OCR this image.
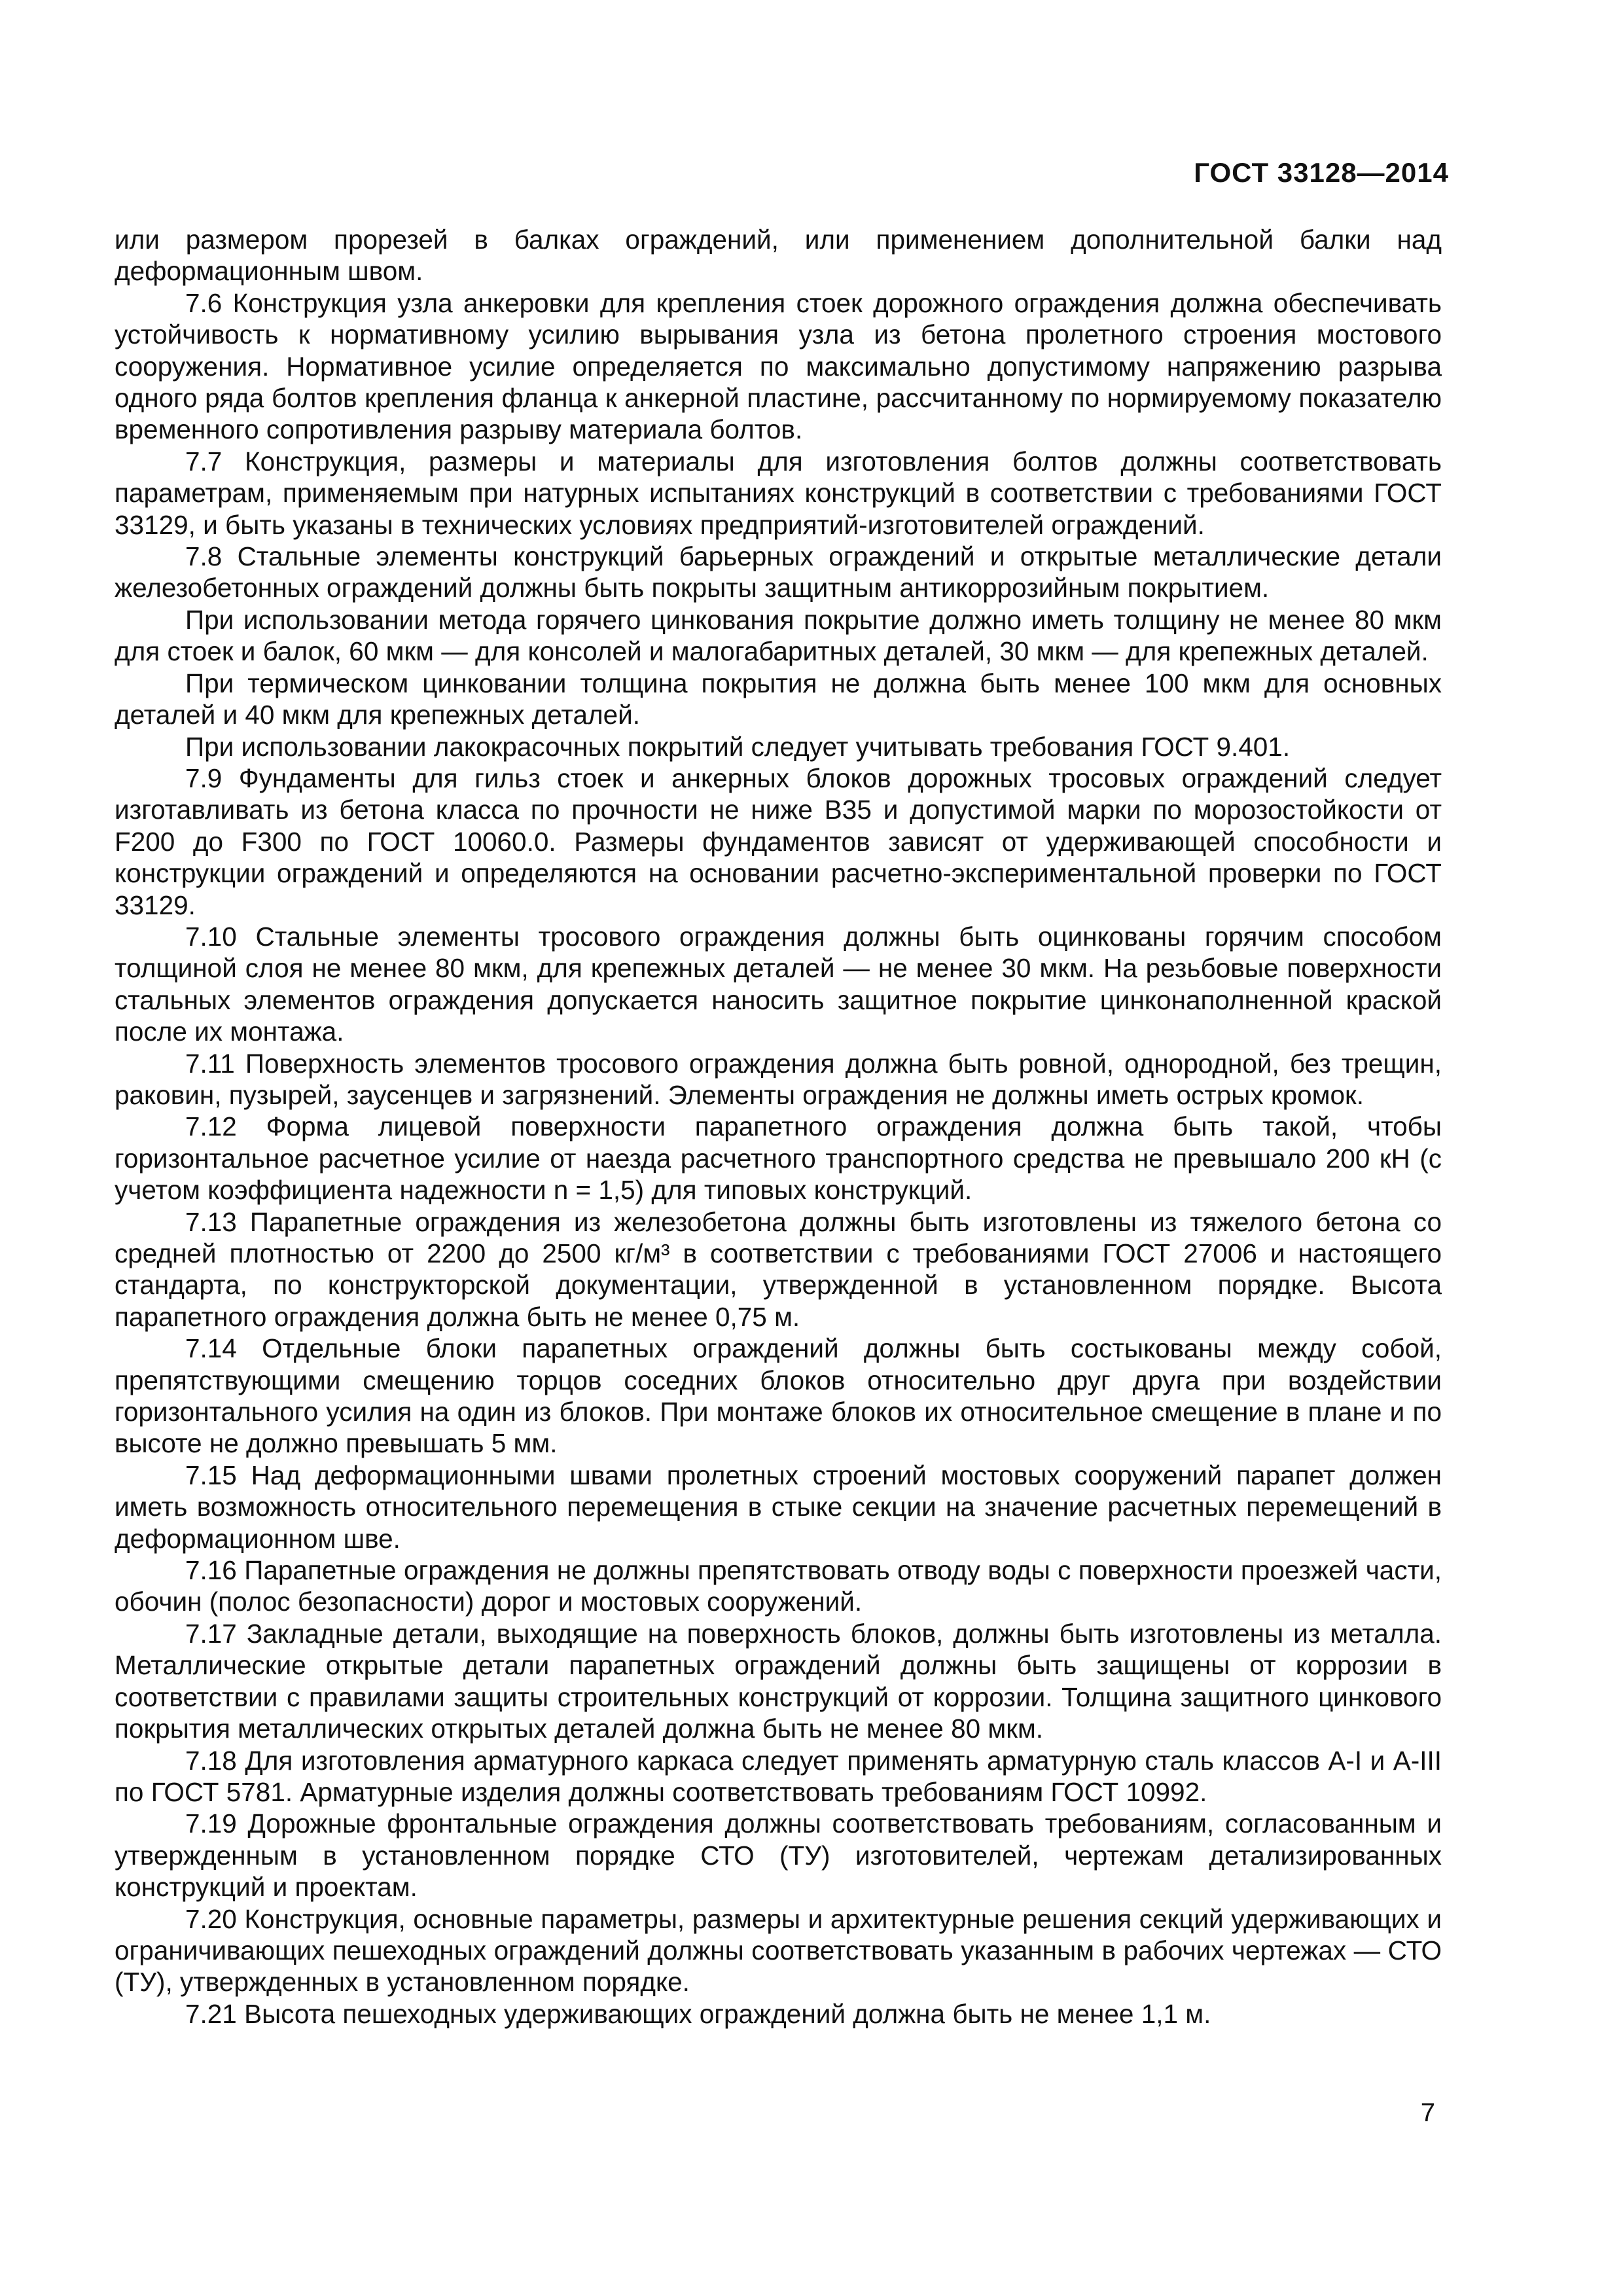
ГОСТ 33128—2014

или размером прорезей в балках ограждений, или применением дополнительной балки над деформационным швом.

7.6 Конструкция узла анкеровки для крепления стоек дорожного ограждения должна обеспечивать устойчивость к нормативному усилию вырывания узла из бетона пролетного строения мостового сооружения. Нормативное усилие определяется по максимально допустимому напряжению разрыва одного ряда болтов крепления фланца к анкерной пластине, рассчитанному по нормируемому показателю временного сопротивления разрыву материала болтов.

7.7 Конструкция, размеры и материалы для изготовления болтов должны соответствовать параметрам, применяемым при натурных испытаниях конструкций в соответствии с требованиями ГОСТ 33129, и быть указаны в технических условиях предприятий-изготовителей ограждений.

7.8 Стальные элементы конструкций барьерных ограждений и открытые металлические детали железобетонных ограждений должны быть покрыты защитным антикоррозийным покрытием.

При использовании метода горячего цинкования покрытие должно иметь толщину не менее 80 мкм для стоек и балок, 60 мкм — для консолей и малогабаритных деталей, 30 мкм — для крепежных деталей.

При термическом цинковании толщина покрытия не должна быть менее 100 мкм для основных деталей и 40 мкм для крепежных деталей.

При использовании лакокрасочных покрытий следует учитывать требования ГОСТ 9.401.

7.9 Фундаменты для гильз стоек и анкерных блоков дорожных тросовых ограждений следует изготавливать из бетона класса по прочности не ниже В35 и допустимой марки по морозостойкости от F200 до F300 по ГОСТ 10060.0. Размеры фундаментов зависят от удерживающей способности и конструкции ограждений и определяются на основании расчетно-экспериментальной проверки по ГОСТ 33129.

7.10 Стальные элементы тросового ограждения должны быть оцинкованы горячим способом толщиной слоя не менее 80 мкм, для крепежных деталей — не менее 30 мкм. На резьбовые поверхности стальных элементов ограждения допускается наносить защитное покрытие цинконаполненной краской после их монтажа.

7.11 Поверхность элементов тросового ограждения должна быть ровной, однородной, без трещин, раковин, пузырей, заусенцев и загрязнений. Элементы ограждения не должны иметь острых кромок.

7.12 Форма лицевой поверхности парапетного ограждения должна быть такой, чтобы горизонтальное расчетное усилие от наезда расчетного транспортного средства не превышало 200 кН (с учетом коэффициента надежности n = 1,5) для типовых конструкций.

7.13 Парапетные ограждения из железобетона должны быть изготовлены из тяжелого бетона со средней плотностью от 2200 до 2500 кг/м³ в соответствии с требованиями ГОСТ 27006 и настоящего стандарта, по конструкторской документации, утвержденной в установленном порядке. Высота парапетного ограждения должна быть не менее 0,75 м.

7.14 Отдельные блоки парапетных ограждений должны быть состыкованы между собой, препятствующими смещению торцов соседних блоков относительно друг друга при воздействии горизонтального усилия на один из блоков. При монтаже блоков их относительное смещение в плане и по высоте не должно превышать 5 мм.

7.15 Над деформационными швами пролетных строений мостовых сооружений парапет должен иметь возможность относительного перемещения в стыке секции на значение расчетных перемещений в деформационном шве.

7.16 Парапетные ограждения не должны препятствовать отводу воды с поверхности проезжей части, обочин (полос безопасности) дорог и мостовых сооружений.

7.17 Закладные детали, выходящие на поверхность блоков, должны быть изготовлены из металла. Металлические открытые детали парапетных ограждений должны быть защищены от коррозии в соответствии с правилами защиты строительных конструкций от коррозии. Толщина защитного цинкового покрытия металлических открытых деталей должна быть не менее 80 мкм.

7.18 Для изготовления арматурного каркаса следует применять арматурную сталь классов А-I и А-III по ГОСТ 5781. Арматурные изделия должны соответствовать требованиям ГОСТ 10992.

7.19 Дорожные фронтальные ограждения должны соответствовать требованиям, согласованным и утвержденным в установленном порядке СТО (ТУ) изготовителей, чертежам детализированных конструкций и проектам.

7.20 Конструкция, основные параметры, размеры и архитектурные решения секций удерживающих и ограничивающих пешеходных ограждений должны соответствовать указанным в рабочих чертежах — СТО (ТУ), утвержденных в установленном порядке.

7.21 Высота пешеходных удерживающих ограждений должна быть не менее 1,1 м.

7
